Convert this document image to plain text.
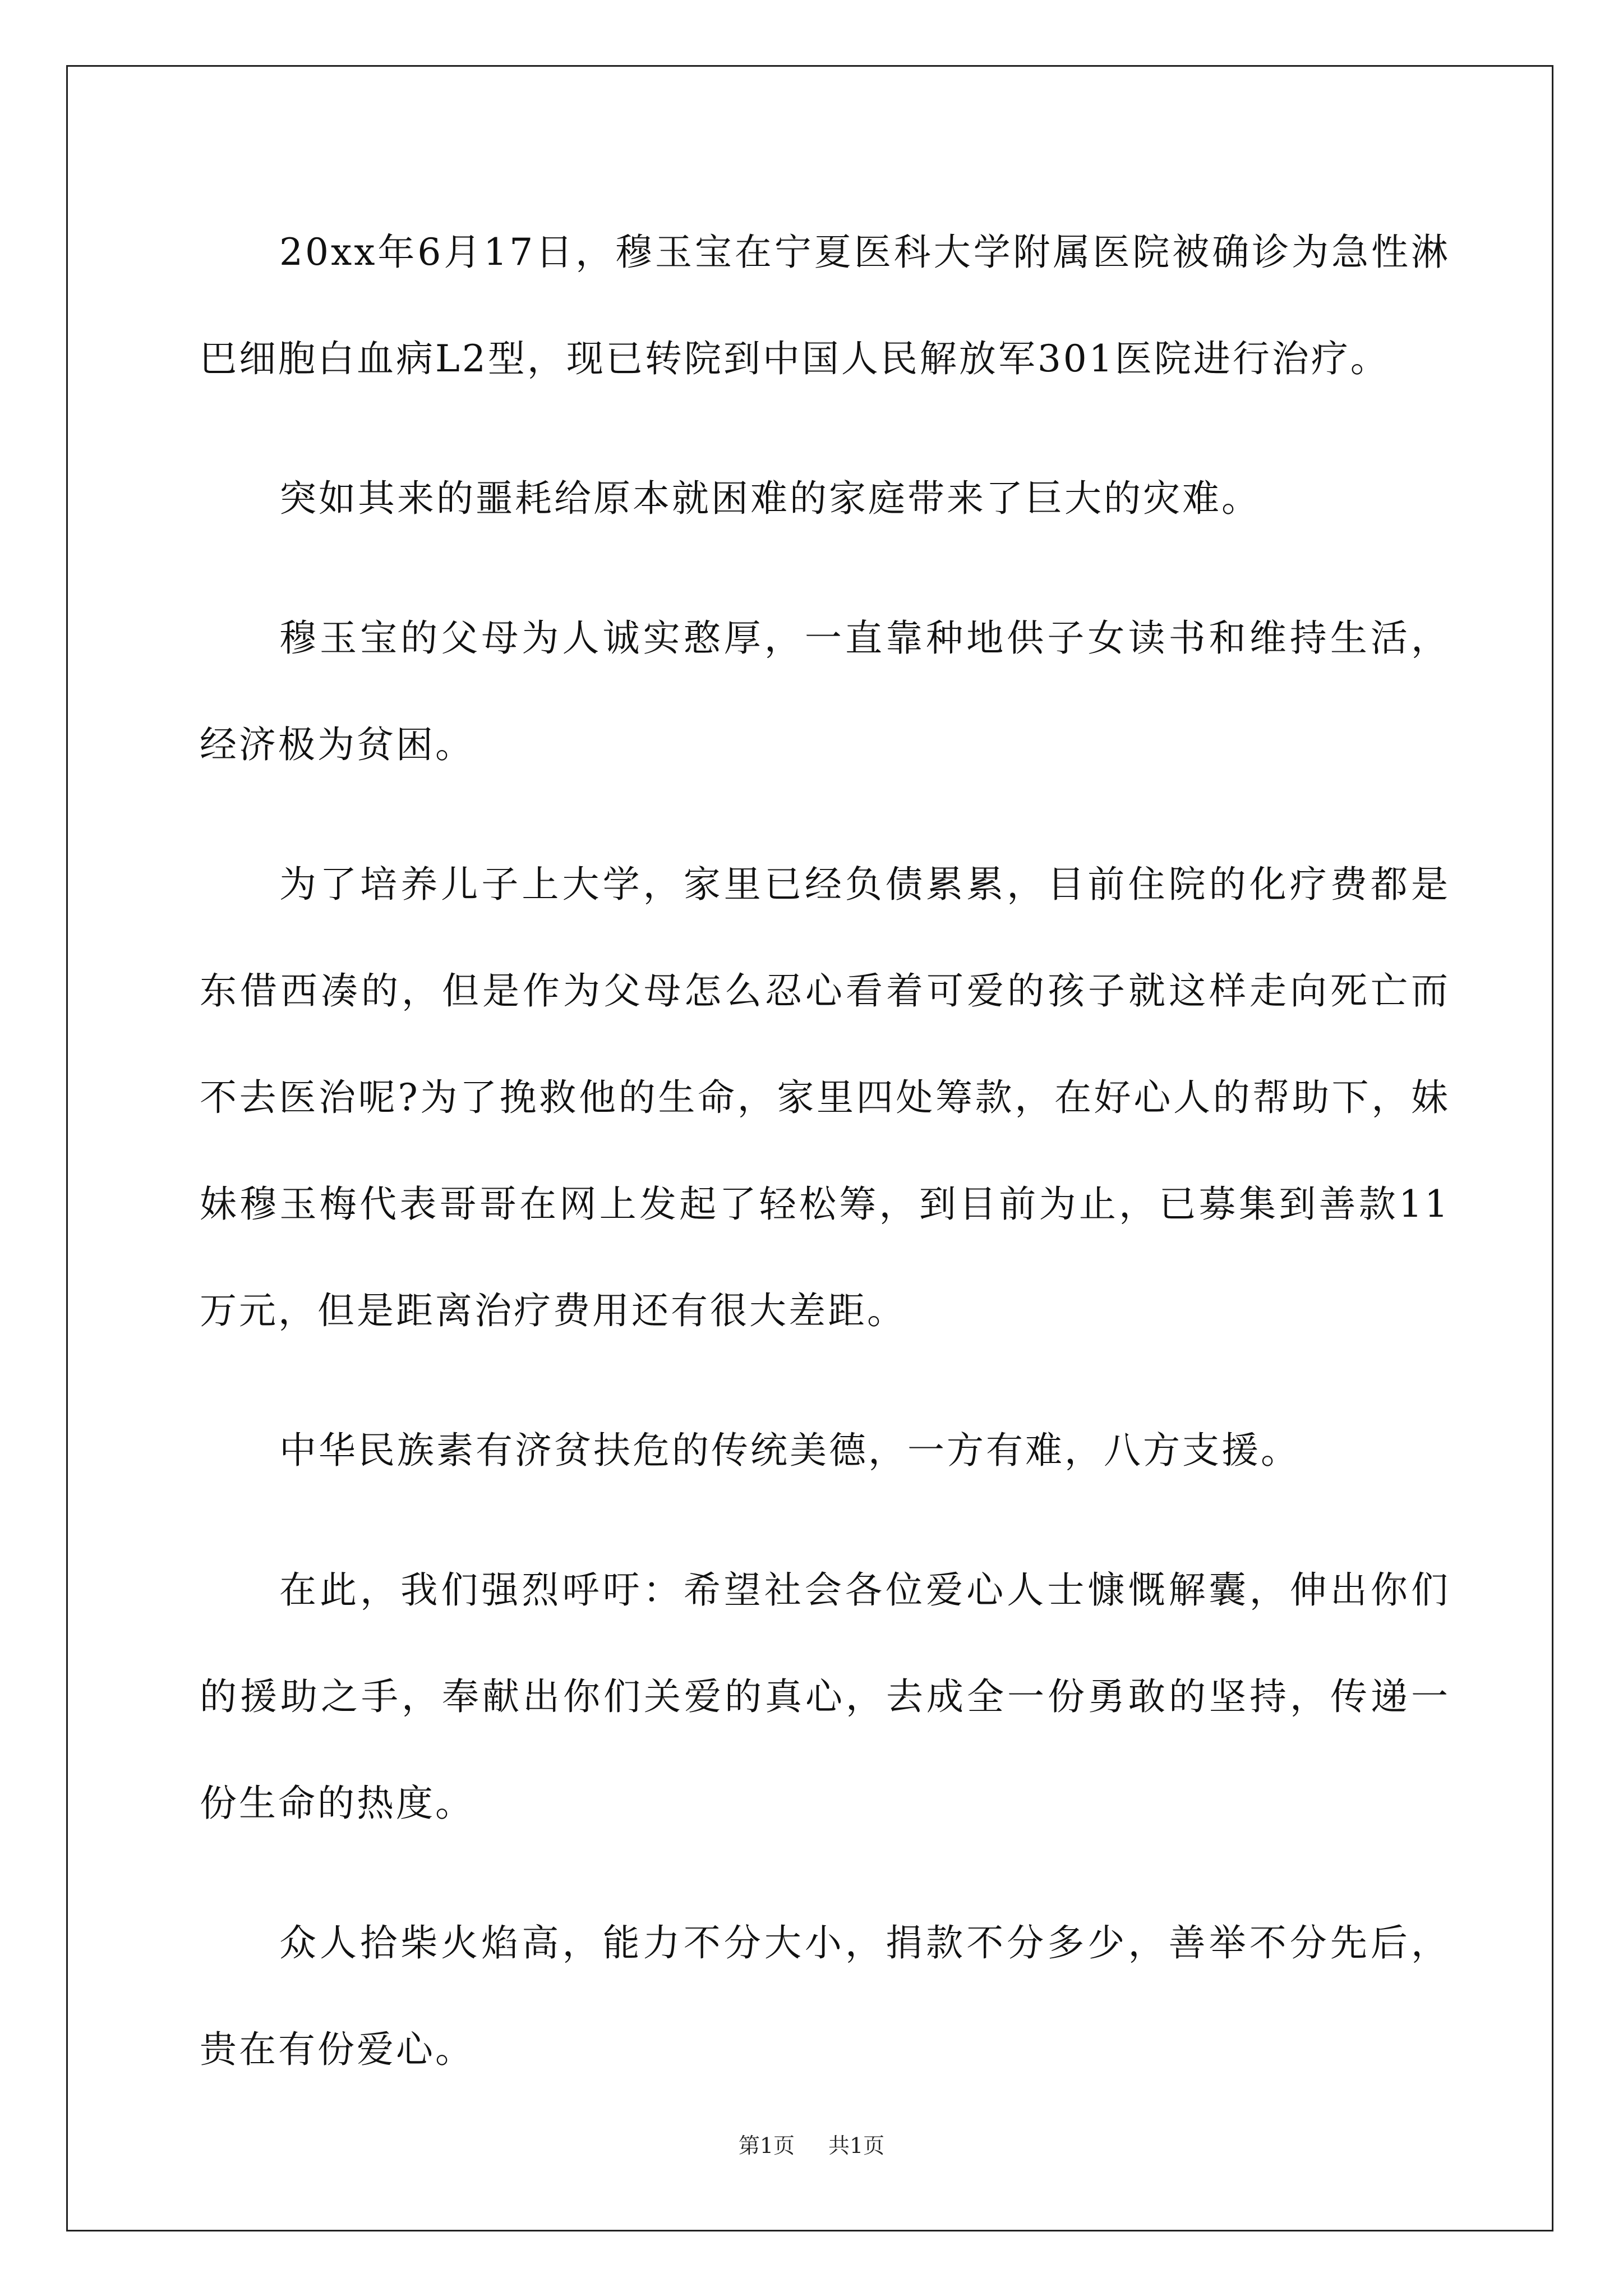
20xx年6月17日，穆玉宝在宁夏医科大学附属医院被确诊为急性淋巴细胞白血病L2型，现已转院到中国人民解放军301医院进行治疗。

突如其来的噩耗给原本就困难的家庭带来了巨大的灾难。

穆玉宝的父母为人诚实憨厚，一直靠种地供子女读书和维持生活，经济极为贫困。

为了培养儿子上大学，家里已经负债累累，目前住院的化疗费都是东借西凑的，但是作为父母怎么忍心看着可爱的孩子就这样走向死亡而不去医治呢?为了挽救他的生命，家里四处筹款，在好心人的帮助下，妹妹穆玉梅代表哥哥在网上发起了轻松筹，到目前为止，已募集到善款11万元，但是距离治疗费用还有很大差距。

中华民族素有济贫扶危的传统美德，一方有难，八方支援。

在此，我们强烈呼吁：希望社会各位爱心人士慷慨解囊，伸出你们的援助之手，奉献出你们关爱的真心，去成全一份勇敢的坚持，传递一份生命的热度。

众人拾柴火焰高，能力不分大小，捐款不分多少，善举不分先后，贵在有份爱心。

第1页 共1页
